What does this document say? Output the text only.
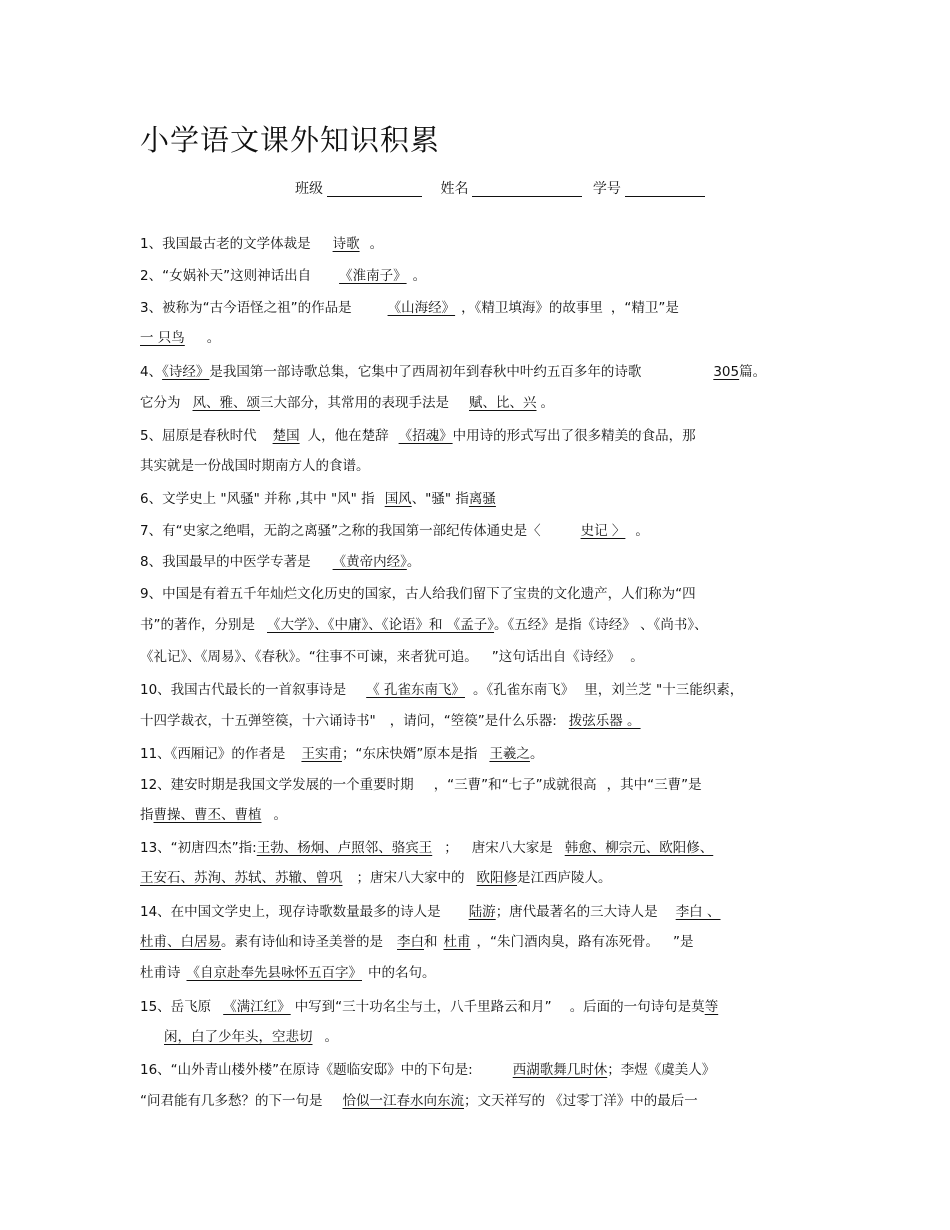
小学语文课外知识积累
班级	姓名	学号
1、我国最古老的文学体裁是 诗歌 。
2、“女娲补天”这则神话出自 《淮南子》 。
3、被称为“古今语怪之祖”的作品是	《山海经》 ，《精卫填海》的故事里 ，“精卫”是
一 只鸟 。
4、《诗经》是我国第一部诗歌总集，它集中了西周初年到春秋中叶约五百多年的诗歌	305篇。
它分为 风、雅、颂三大部分，其常用的表现手法是 赋、比、兴 。
5、屈原是春秋时代 楚国 人，他在楚辞 《招魂》中用诗的形式写出了很多精美的食品，那
其实就是一份战国时期南方人的食谱。
6、文学史上 "风骚" 并称 ,其中 "风" 指 国风、"骚" 指离骚
7、有“史家之绝唱，无韵之离骚”之称的我国第一部纪传体通史是〈	史记 〉 。
8、我国最早的中医学专著是 《黄帝内经》。
9、中国是有着五千年灿烂文化历史的国家，古人给我们留下了宝贵的文化遗产，人们称为“四
书”的著作，分别是 《大学》、《中庸》、《论语》和 《孟子》。《五经》是指《诗经》 、《尚书》、
《礼记》、《周易》、《春秋》。“往事不可谏，来者犹可追。 ”这句话出自《诗经》 。
10、我国古代最长的一首叙事诗是 《 孔雀东南飞》 。《孔雀东南飞》 里，刘兰芝 "十三能织素，
十四学裁衣，十五弹箜篌，十六诵诗书" ，请问，“箜篌”是什么乐器: 拨弦乐器 。
11、《西厢记》的作者是 王实甫；“东床快婿”原本是指 王羲之。
12、建安时期是我国文学发展的一个重要时期 ，“三曹”和“七子”成就很高 ，其中“三曹”是
指曹操、曹丕、曹植 。
13、“初唐四杰”指:王勃、杨炯、卢照邻、骆宾王 ； 唐宋八大家是 韩愈、柳宗元、欧阳修、
王安石、苏洵、苏轼、苏辙、曾巩 ；唐宋八大家中的 欧阳修是江西庐陵人。
14、在中国文学史上，现存诗歌数量最多的诗人是 陆游；唐代最著名的三大诗人是 李白 、
杜甫、白居易。素有诗仙和诗圣美誉的是 李白和 杜甫 ，“朱门酒肉臭，路有冻死骨。 ”是
杜甫诗 《自京赴奉先县咏怀五百字》 中的名句。
15、岳飞原 《满江红》 中写到“三十功名尘与土，八千里路云和月” 。后面的一句诗句是莫等
闲，白了少年头，空悲切 。
16、“山外青山楼外楼”在原诗《题临安邸》中的下句是:	西湖歌舞几时休；李煜《虞美人》
“问君能有几多愁？的下一句是 恰似一江春水向东流；文天祥写的 《过零丁洋》中的最后一
